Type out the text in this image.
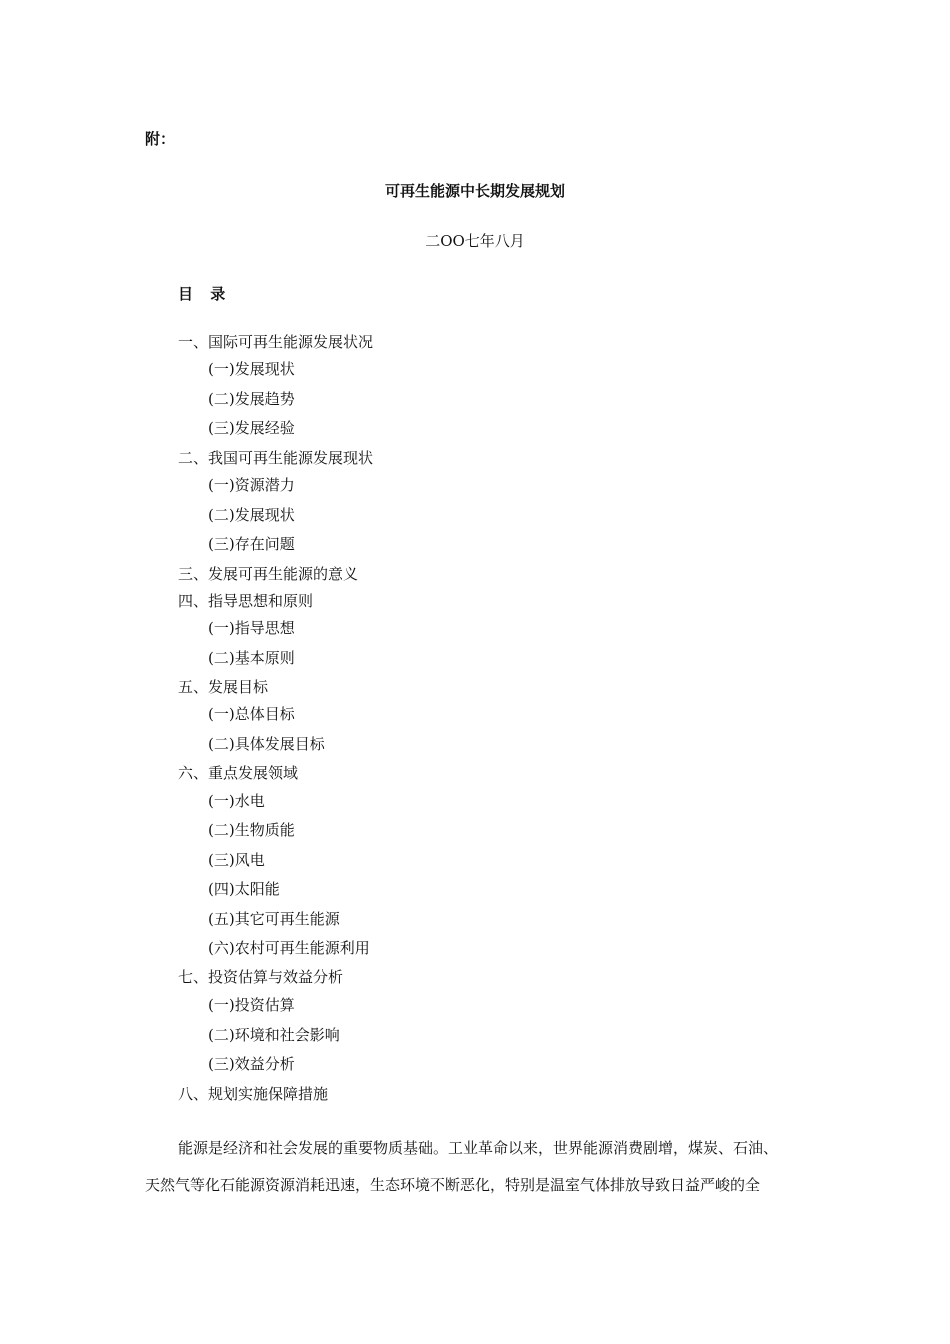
附：
可再生能源中长期发展规划
二OO七年八月
目 录
一、国际可再生能源发展状况
(一)发展现状
(二)发展趋势
(三)发展经验
二、我国可再生能源发展现状
(一)资源潜力
(二)发展现状
(三)存在问题
三、发展可再生能源的意义
四、指导思想和原则
(一)指导思想
(二)基本原则
五、发展目标
(一)总体目标
(二)具体发展目标
六、重点发展领域
(一)水电
(二)生物质能
(三)风电
(四)太阳能
(五)其它可再生能源
(六)农村可再生能源利用
七、投资估算与效益分析
(一)投资估算
(二)环境和社会影响
(三)效益分析
八、规划实施保障措施
能源是经济和社会发展的重要物质基础。工业革命以来，世界能源消费剧增，煤炭、石油、
天然气等化石能源资源消耗迅速，生态环境不断恶化，特别是温室气体排放导致日益严峻的全
